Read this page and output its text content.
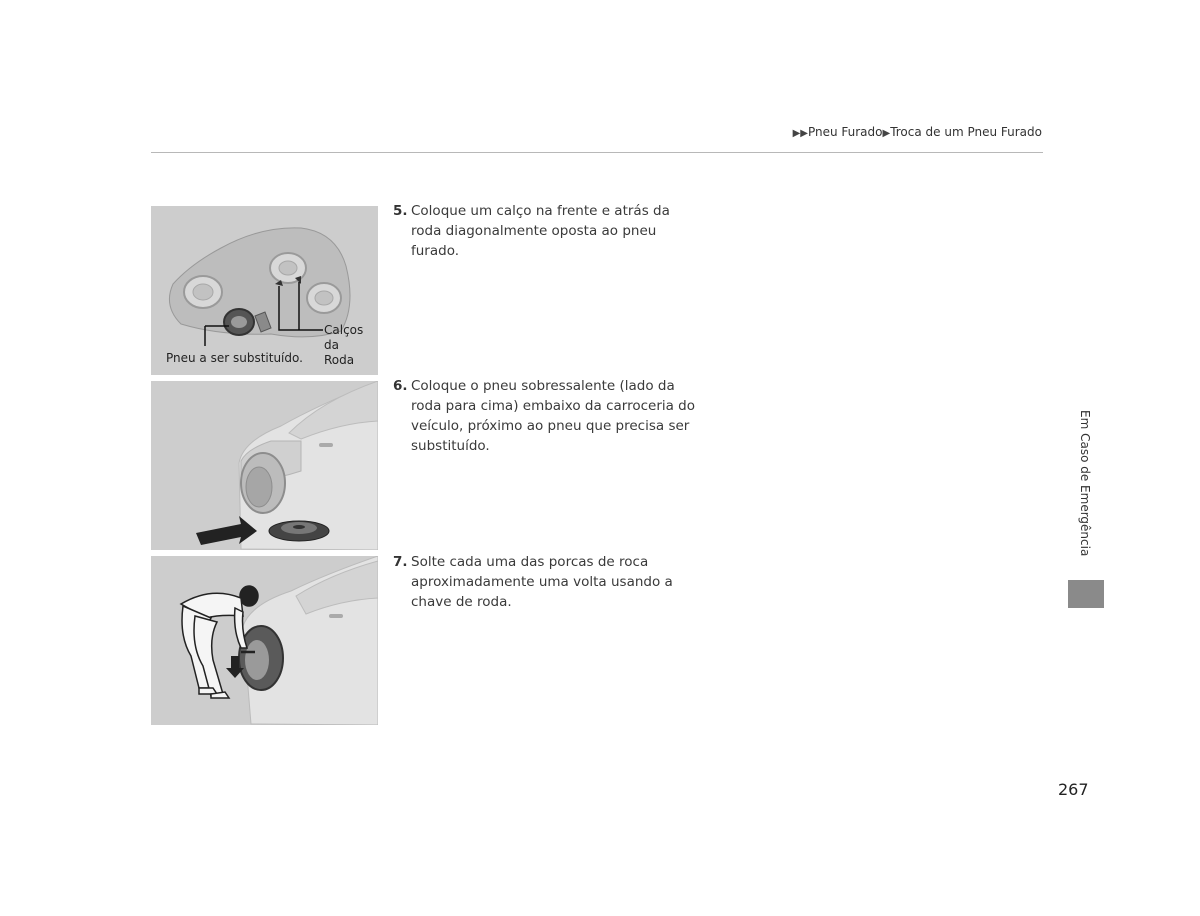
▶▶Pneu Furado▶Troca de um Pneu Furado
Pneu a ser substituído.
Calços
da
Roda
5. Coloque um calço na frente e atrás da roda diagonalmente oposta ao pneu furado.
6. Coloque o pneu sobressalente (lado da roda para cima) embaixo da carroceria do veículo, próximo ao pneu que precisa ser substituído.
7. Solte cada uma das porcas de roca aproximadamente uma volta usando a chave de roda.
Em Caso de Emergência
267
